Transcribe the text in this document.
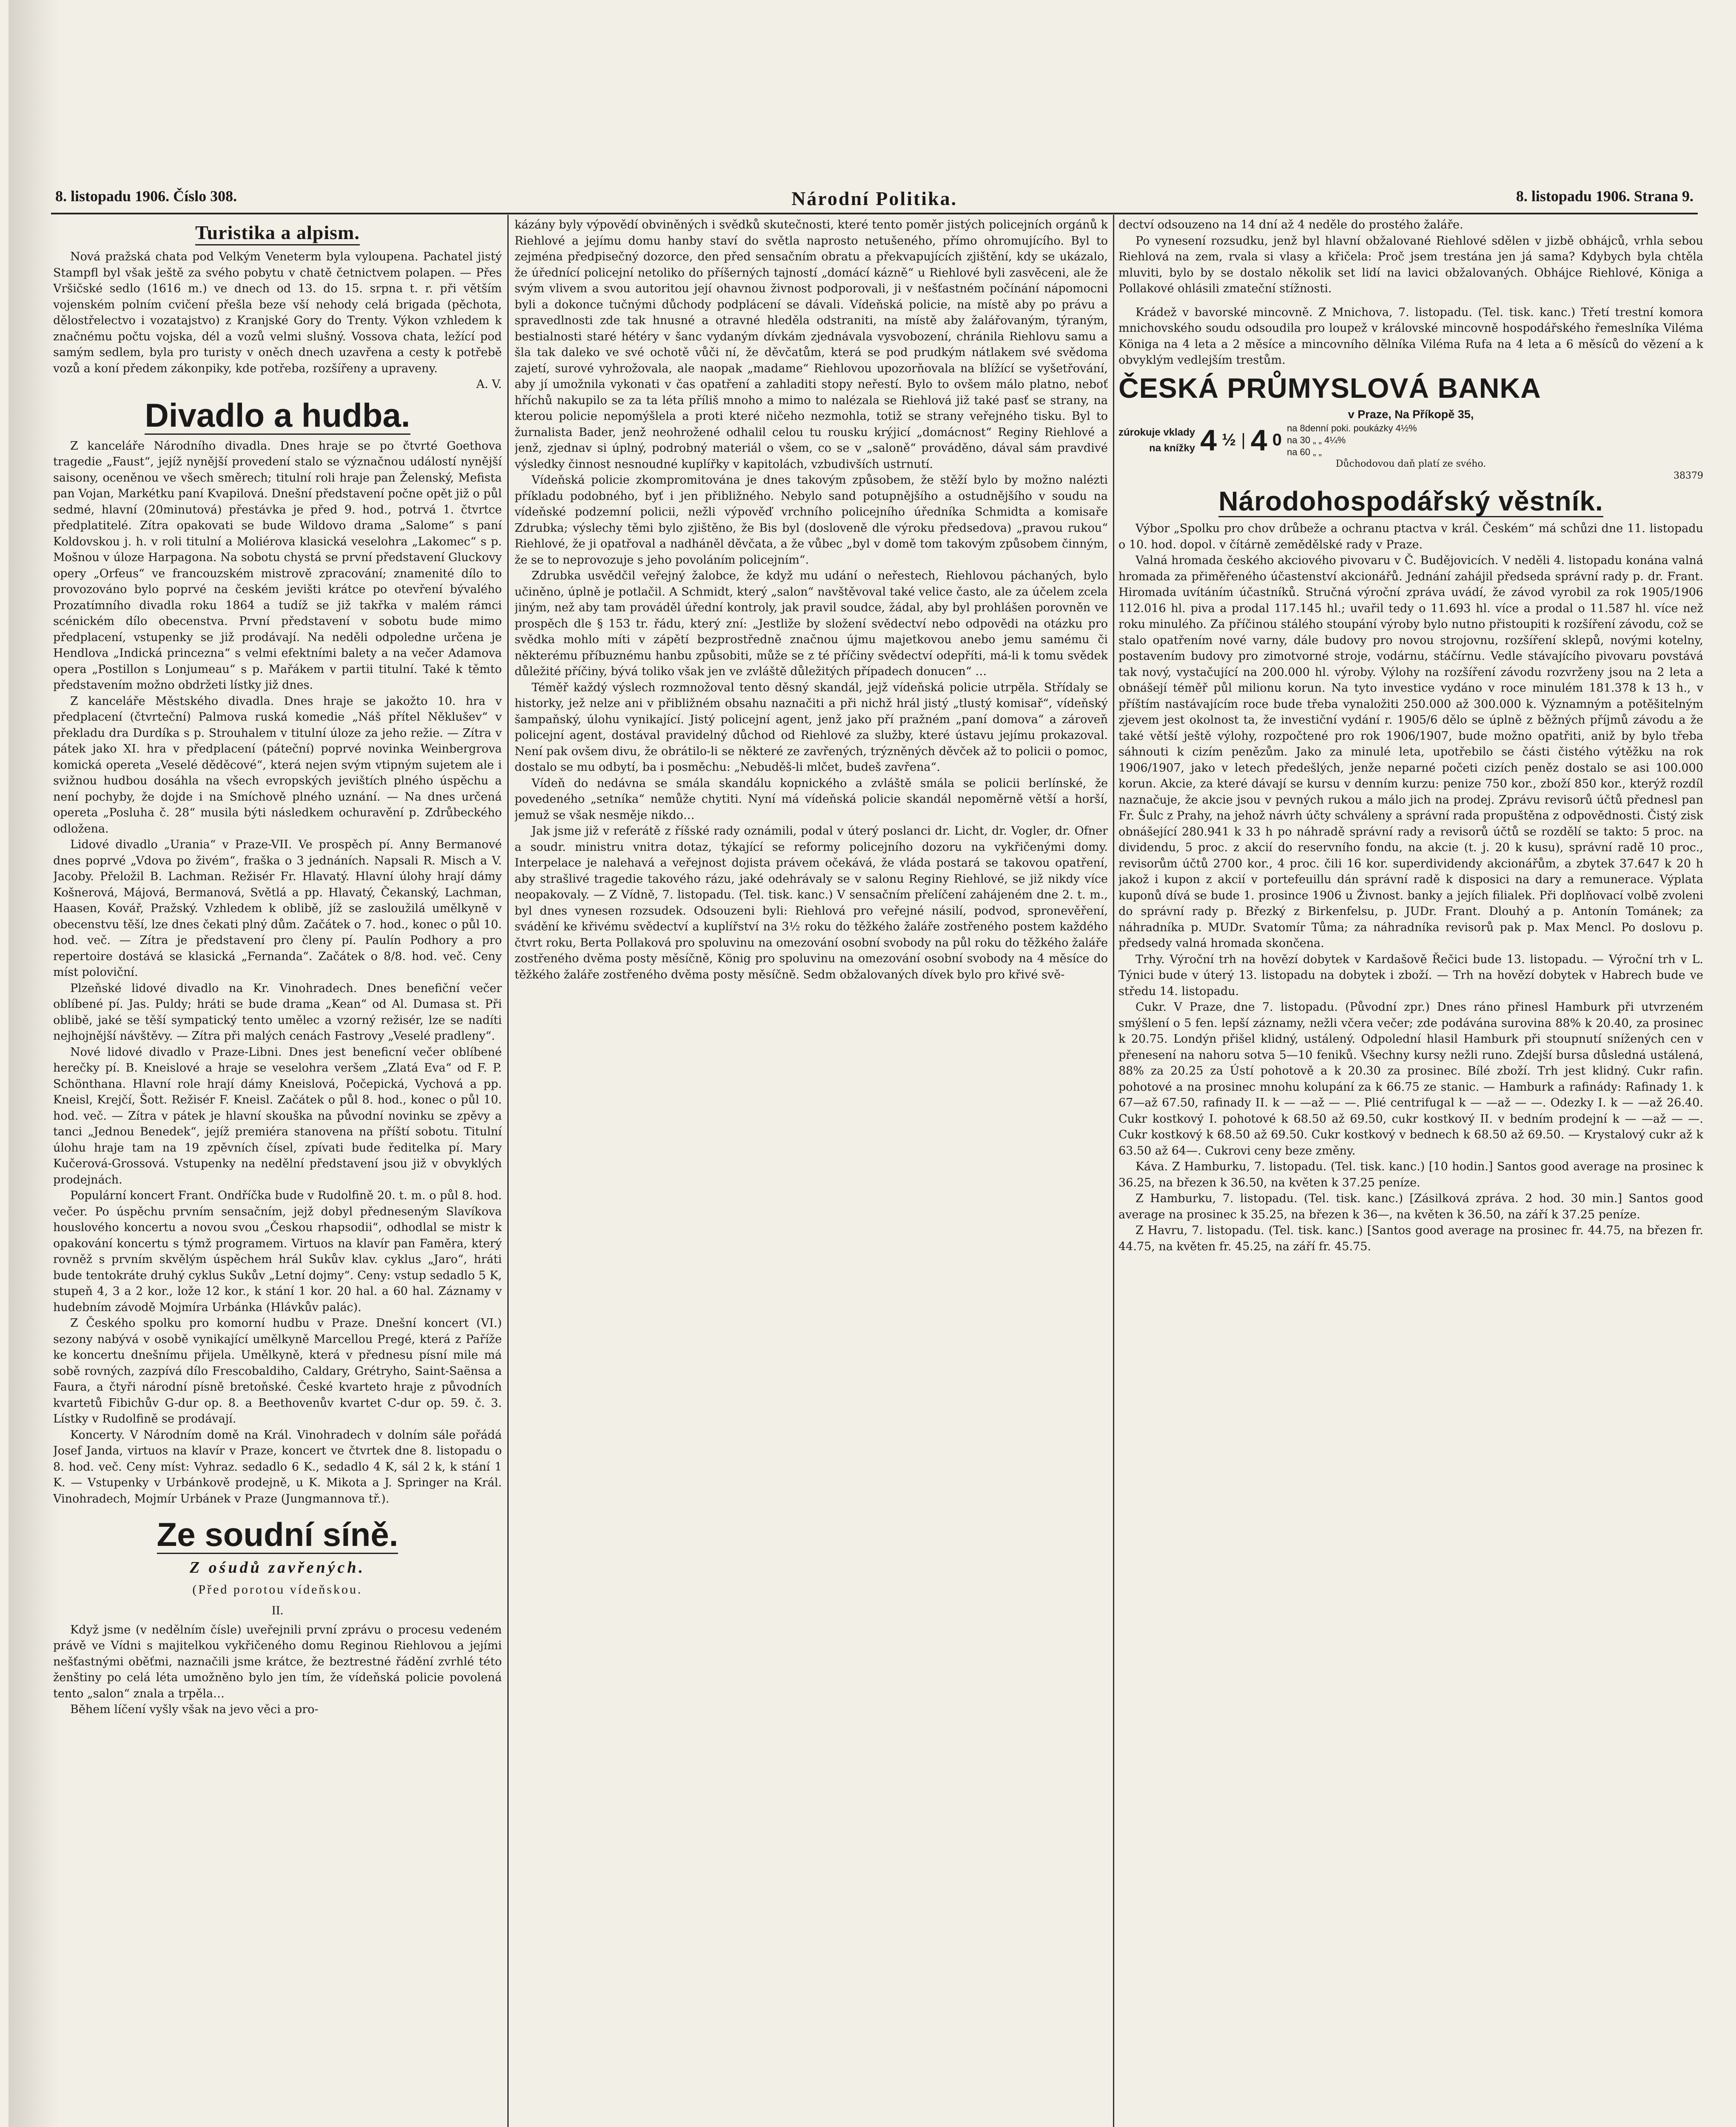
8. listopadu 1906. Číslo 308.	Národní Politika.	8. listopadu 1906. Strana 9.
Turistika a alpism.

Nová pražská chata pod Velkým Veneterm byla vyloupena. Pachatel jistý Stampfl byl však ještě za svého pobytu v chatě četnictvem polapen. — Přes Vršičské sedlo (1616 m.) ve dnech od 13. do 15. srpna t. r. při větším vojenském polním cvičení přešla beze vší nehody celá brigada (pěchota, dělostřelectvo i vozatajstvo) z Kranjské Gory do Trenty. Výkon vzhledem k značnému počtu vojska, dél a vozů velmi slušný. Vossova chata, ležící pod samým sedlem, byla pro turisty v oněch dnech uzavřena a cesty k potřebě vozů a koní předem zákonpiky, kde potřeba, rozšířeny a upraveny.

A. V.

Divadlo a hudba.

Z kanceláře Národního divadla. Dnes hraje se po čtvrté Goethova tragedie „Faust“, jejíž nynější provedení stalo se význačnou událostí nynější saisony, oceněnou ve všech směrech; titulní roli hraje pan Želenský, Mefista pan Vojan, Markétku paní Kvapilová. Dnešní představení počne opět již o půl sedmé, hlavní (20minutová) přestávka je před 9. hod., potrvá 1. čtvrtce předplatitelé. Zítra opakovati se bude Wildovo drama „Salome“ s paní Koldovskou j. h. v roli titulní a Moliérova klasická veselohra „Lakomec“ s p. Mošnou v úloze Harpagona. Na sobotu chystá se první představení Gluckovy opery „Orfeus“ ve francouzském mistrově zpracování; znamenité dílo to provozováno bylo poprvé na českém jevišti krátce po otevření bývalého Prozatímního divadla roku 1864 a tudíž se již takřka v malém rámci scénickém dílo obecenstva. První představení v sobotu bude mimo předplacení, vstupenky se již prodávají. Na neděli odpoledne určena je Hendlova „Indická princezna“ s velmi efektními balety a na večer Adamova opera „Postillon s Lonjumeau“ s p. Mařákem v partii titulní. Také k těmto představením možno obdržeti lístky již dnes.

Z kanceláře Městského divadla. Dnes hraje se jakožto 10. hra v předplacení (čtvrteční) Palmova ruská komedie „Náš přítel Něklušev“ v překladu dra Durdíka s p. Strouhalem v titulní úloze za jeho režie. — Zítra v pátek jako XI. hra v předplacení (páteční) poprvé novinka Weinbergrova komická opereta „Veselé děděcové“, která nejen svým vtipným sujetem ale i svižnou hudbou dosáhla na všech evropských jevištích plného úspěchu a není pochyby, že dojde i na Smíchově plného uznání. — Na dnes určená opereta „Posluha č. 28“ musila býti následkem ochuravění p. Zdrůbeckého odložena.

Lidové divadlo „Urania“ v Praze-VII. Ve prospěch pí. Anny Bermanové dnes poprvé „Vdova po živém“, fraška o 3 jednáních. Napsali R. Misch a V. Jacoby. Přeložil B. Lachman. Režisér Fr. Hlavatý. Hlavní úlohy hrají dámy Košnerová, Májová, Bermanová, Světlá a pp. Hlavatý, Čekanský, Lachman, Haasen, Kovář, Pražský. Vzhledem k oblibě, jíž se zasloužilá umělkyně v obecenstvu těší, lze dnes čekati plný dům. Začátek o 7. hod., konec o půl 10. hod. več. — Zítra je představení pro členy pí. Paulín Podhory a pro repertoire dostává se klasická „Fernanda“. Začátek o 8/8. hod. več. Ceny míst poloviční.

Plzeňské lidové divadlo na Kr. Vinohradech. Dnes benefiční večer oblíbené pí. Jas. Puldy; hráti se bude drama „Kean“ od Al. Dumasa st. Při oblibě, jaké se těší sympatický tento umělec a vzorný režisér, lze se nadíti nejhojnější návštěvy. — Zítra při malých cenách Fastrovy „Veselé pradleny“.

Nové lidové divadlo v Praze-Libni. Dnes jest beneficní večer oblíbené herečky pí. B. Kneislové a hraje se veselohra veršem „Zlatá Eva“ od F. P. Schönthana. Hlavní role hrají dámy Kneislová, Počepická, Vychová a pp. Kneisl, Krejčí, Šott. Režisér F. Kneisl. Začátek o půl 8. hod., konec o půl 10. hod. več. — Zítra v pátek je hlavní skouška na původní novinku se zpěvy a tanci „Jednou Benedek“, jejíž premiéra stanovena na příští sobotu. Titulní úlohu hraje tam na 19 zpěvních čísel, zpívati bude ředitelka pí. Mary Kučerová-Grossová. Vstupenky na nedělní představení jsou již v obvyklých prodejnách.

Populární koncert Frant. Ondříčka bude v Rudolfině 20. t. m. o půl 8. hod. večer. Po úspěchu prvním sensačním, jejž dobyl předneseným Slavíkova houslového koncertu a novou svou „Českou rhapsodii“, odhodlal se mistr k opakování koncertu s týmž programem. Virtuos na klavír pan Faměra, který rovněž s prvním skvělým úspěchem hrál Sukův klav. cyklus „Jaro“, hráti bude tentokráte druhý cyklus Sukův „Letní dojmy“. Ceny: vstup sedadlo 5 K, stupeň 4, 3 a 2 kor., lože 12 kor., k stání 1 kor. 20 hal. a 60 hal. Záznamy v hudebním závodě Mojmíra Urbánka (Hlávkův palác).

Z Českého spolku pro komorní hudbu v Praze. Dnešní koncert (VI.) sezony nabývá v osobě vynikající umělkyně Marcellou Pregé, která z Paříže ke koncertu dnešnímu přijela. Umělkyně, která v přednesu písní mile má sobě rovných, zazpívá dílo Frescobaldiho, Caldary, Grétryho, Saint-Saënsa a Faura, a čtyři národní písně bretoňské. České kvarteto hraje z původních kvartetů Fibichův G-dur op. 8. a Beethovenův kvartet C-dur op. 59. č. 3. Lístky v Rudolfině se prodávají.

Koncerty. V Národním domě na Král. Vinohradech v dolním sále pořádá Josef Janda, virtuos na klavír v Praze, koncert ve čtvrtek dne 8. listopadu o 8. hod. več. Ceny míst: Vyhraz. sedadlo 6 K., sedadlo 4 K, sál 2 k, k stání 1 K. — Vstupenky v Urbánkově prodejně, u K. Mikota a J. Springer na Král. Vinohradech, Mojmír Urbánek v Praze (Jungmannova tř.).

Ze soudní síně.
Z ośudů zavřených.
(Před porotou vídeňskou.
II.

Když jsme (v nedělním čísle) uveřejnili první zprávu o procesu vedeném právě ve Vídni s majitelkou vykřičeného domu Reginou Riehlovou a jejími nešťastnými oběťmi, naznačili jsme krátce, že beztrestné řádění zvrhlé této ženštiny po celá léta umožněno bylo jen tím, že vídeňská policie povolená tento „salon“ znala a trpěla…

Během líčení vyšly však na jevo věci a pro-

kázány byly výpovědí obviněných i svědků skutečnosti, které tento poměr jistých policejních orgánů k Riehlové a jejímu domu hanby staví do světla naprosto netušeného, přímo ohromujícího. Byl to zejména předpisečný dozorce, den před sensačním obratu a překvapujících zjištění, kdy se ukázalo, že úřednící policejní netoliko do příšerných tajností „domácí kázně“ u Riehlové byli zasvěceni, ale že svým vlivem a svou autoritou její ohavnou živnost podporovali, ji v nešťastném počínání nápomocni byli a dokonce tučnými důchody podplácení se dávali. Vídeňská policie, na místě aby po právu a spravedlnosti zde tak hnusné a otravné hleděla odstraniti, na místě aby žalářovaným, týraným, bestialnosti staré hétéry v šanc vydaným dívkám zjednávala vysvobození, chránila Riehlovu samu a šla tak daleko ve své ochotě vůči ní, že děvčatům, která se pod prudkým nátlakem své svědoma zajetí, surové vyhrožovala, ale naopak „madame“ Riehlovou upozorňovala na blížící se vyšetřování, aby jí umožnila vykonati v čas opatření a zahladiti stopy neřestí. Bylo to ovšem málo platno, neboť hříchů nakupilo se za ta léta příliš mnoho a mimo to nalézala se Riehlová již také pasť se strany, na kterou policie nepomýšlela a proti které ničeho nezmohla, totiž se strany veřejného tisku. Byl to žurnalista Bader, jenž neohrožené odhalil celou tu rousku krýjicí „domácnost“ Reginy Riehlové a jenž, zjednav si úplný, podrobný materiál o všem, co se v „saloně“ prováděno, dával sám pravdivé výsledky činnost nesnoudné kuplířky v kapitolách, vzbudivších ustrnutí.

Vídeňská policie zkompromitována je dnes takovým způsobem, že stěží bylo by možno nalézti příkladu podobného, byť i jen přibližného. Nebylo sand potupnějšího a ostudnějšího v soudu na vídeňské podzemní policii, nežli výpověď vrchního policejního úředníka Schmidta a komisaře Zdrubka; výslechy těmi bylo zjištěno, že Bis byl (dosloveně dle výroku předsedova) „pravou rukou“ Riehlové, že ji opatřoval a nadháněl děvčata, a že vůbec „byl v domě tom takovým způsobem činným, že se to neprovozuje s jeho povoláním policejním“.

Zdrubka usvědčil veřejný žalobce, že když mu udání o neřestech, Riehlovou páchaných, bylo učiněno, úplně je potlačil. A Schmidt, který „salon“ navštěvoval také velice často, ale za účelem zcela jiným, než aby tam prováděl úřední kontroly, jak pravil soudce, žádal, aby byl prohlášen porovněn ve prospěch dle § 153 tr. řádu, který zní: „Jestliže by složení svědectví nebo odpovědi na otázku pro svědka mohlo míti v zápětí bezprostředně značnou újmu majetkovou anebo jemu samému či některému příbuznému hanbu způsobiti, může se z té příčiny svědectví odepříti, má-li k tomu svědek důležité příčiny, bývá toliko však jen ve zvláště důležitých případech donucen“ …

Téměř každý výslech rozmnožoval tento děsný skandál, jejž vídeňská policie utrpěla. Střídaly se historky, jež nelze ani v přibližném obsahu naznačiti a při nichž hrál jistý „tlustý komisař“, vídeňský šampaňský, úlohu vynikající. Jistý policejní agent, jenž jako pří pražném „paní domova“ a zároveň policejní agent, dostával pravidelný důchod od Riehlové za služby, které ústavu jejímu prokazoval. Není pak ovšem divu, že obrátilo-li se některé ze zavřených, trýzněných děvček až to policii o pomoc, dostalo se mu odbytí, ba i posměchu: „Nebuděš-li mlčet, budeš zavřena“.

Vídeň do nedávna se smála skandálu kopnického a zvláště smála se policii berlínské, že povedeného „setníka“ nemůže chytiti. Nyní má vídeňská policie skandál nepoměrně větší a horší, jemuž se však nesměje nikdo…

Jak jsme již v referátě z říšské rady oznámili, podal v úterý poslanci dr. Licht, dr. Vogler, dr. Ofner a soudr. ministru vnitra dotaz, týkající se reformy policejního dozoru na vykřičenými domy. Interpelace je nalehavá a veřejnost dojista právem očekává, že vláda postará se takovou opatření, aby strašlivé tragedie takového rázu, jaké odehrávaly se v salonu Reginy Riehlové, se již nikdy více neopakovaly. — Z Vídně, 7. listopadu. (Tel. tisk. kanc.) V sensačním přelíčení zahájeném dne 2. t. m., byl dnes vynesen rozsudek. Odsouzeni byli: Riehlová pro veřejné násilí, podvod, spronevěření, svádění ke křivému svědectví a kuplířství na 3½ roku do těžkého žaláře zostřeného postem každého čtvrt roku, Berta Pollaková pro spoluvinu na omezování osobní svobody na půl roku do těžkého žaláře zostřeného dvěma posty měsíčně, König pro spoluvinu na omezování osobní svobody na 4 měsíce do těžkého žaláře zostřeného dvěma posty měsíčně. Sedm obžalovaných dívek bylo pro křivé svě-

dectví odsouzeno na 14 dní až 4 neděle do prostého žaláře.

Po vynesení rozsudku, jenž byl hlavní obžalované Riehlové sdělen v jizbě obhájců, vrhla sebou Riehlová na zem, rvala si vlasy a křičela: Proč jsem trestána jen já sama? Kdybych byla chtěla mluviti, bylo by se dostalo několik set lidí na lavici obžalovaných. Obhájce Riehlové, Königa a Pollakové ohlásili zmateční stížnosti.

Krádež v bavorské mincovně. Z Mnichova, 7. listopadu. (Tel. tisk. kanc.) Třetí trestní komora mnichovského soudu odsoudila pro loupež v královské mincovně hospodářského řemeslníka Viléma Königa na 4 leta a 2 měsíce a mincovního dělníka Viléma Rufa na 4 leta a 6 měsíců do vězení a k obvyklým vedlejším trestům.

ČESKÁ PRŮMYSLOVÁ BANKA
v Praze, Na Příkopě 35,
zúrokuje vklady
na knížky 4 ½ | 4 0
na 8denní poki. poukázky 4½%
na 30 „ „ 4¼%
na 60 „ „
Důchodovou daň platí ze svého.
38379
Národohospodářský věstník.

Výbor „Spolku pro chov drůbeže a ochranu ptactva v král. Českém“ má schůzi dne 11. listopadu o 10. hod. dopol. v čítárně zemědělské rady v Praze.

Valná hromada českého akciového pivovaru v Č. Budějovicích. V neděli 4. listopadu konána valná hromada za přiměřeného účastenství akcionářů. Jednání zahájil předseda správní rady p. dr. Frant. Hiromada uvítáním účastníků. Stručná výroční zpráva uvádí, že závod vyrobil za rok 1905/1906 112.016 hl. piva a prodal 117.145 hl.; uvařil tedy o 11.693 hl. více a prodal o 11.587 hl. více než roku minulého. Za příčinou stálého stoupání výroby bylo nutno přistoupiti k rozšíření závodu, což se stalo opatřením nové varny, dále budovy pro novou strojovnu, rozšíření sklepů, novými kotelny, postavením budovy pro zimotvorné stroje, vodárnu, stáčírnu. Vedle stávajícího pivovaru povstává tak nový, vystačující na 200.000 hl. výroby. Výlohy na rozšíření závodu rozvrženy jsou na 2 leta a obnášejí téměř půl milionu korun. Na tyto investice vydáno v roce minulém 181.378 k 13 h., v příštím nastávajícím roce bude třeba vynaložiti 250.000 až 300.000 k. Významným a potěšitelným zjevem jest okolnost ta, že investiční vydání r. 1905/6 dělo se úplně z běžných příjmů závodu a že také větší ještě výlohy, rozpočtené pro rok 1906/1907, bude možno opatřiti, aniž by bylo třeba sáhnouti k cizím penězům. Jako za minulé leta, upotřebilo se části čistého výtěžku na rok 1906/1907, jako v letech předešlých, jenže neparné početi cizích peněz dostalo se asi 100.000 korun. Akcie, za které dávají se kursu v denním kurzu: penize 750 kor., zboží 850 kor., kterýž rozdíl naznačuje, že akcie jsou v pevných rukou a málo jich na prodej. Zprávu revisorů účtů přednesl pan Fr. Šulc z Prahy, na jehož návrh účty schváleny a správní rada propuštěna z odpovědnosti. Čistý zisk obnášející 280.941 k 33 h po náhradě správní rady a revisorů účtů se rozdělí se takto: 5 proc. na dividendu, 5 proc. z akcií do reservního fondu, na akcie (t. j. 20 k kusu), správní radě 10 proc., revisorům účtů 2700 kor., 4 proc. čili 16 kor. superdividendy akcionářům, a zbytek 37.647 k 20 h jakož i kupon z akcií v portefeuillu dán správní radě k disposici na dary a remunerace. Výplata kuponů dívá se bude 1. prosince 1906 u Živnost. banky a jejích filialek. Při doplňovací volbě zvoleni do správní rady p. Březký z Birkenfelsu, p. JUDr. Frant. Dlouhý a p. Antonín Tománek; za náhradníka p. MUDr. Svatomír Tůma; za náhradníka revisorů pak p. Max Mencl. Po doslovu p. předsedy valná hromada skončena.

Trhy. Výroční trh na hovězí dobytek v Kardašově Řečici bude 13. listopadu. — Výroční trh v L. Týnici bude v úterý 13. listopadu na dobytek i zboží. — Trh na hovězí dobytek v Habrech bude ve středu 14. listopadu.

Cukr. V Praze, dne 7. listopadu. (Původní zpr.) Dnes ráno přinesl Hamburk při utvrzeném smýšlení o 5 fen. lepší záznamy, nežli včera večer; zde podávána surovina 88% k 20.40, za prosinec k 20.75. Londýn přišel klidný, ustálený. Odpolední hlasil Hamburk při stoupnutí snížených cen v přenesení na nahoru sotva 5—10 feniků. Všechny kursy nežli runo. Zdejší bursa důsledná ustálená, 88% za 20.25 za Ústí pohotově a k 20.30 za prosinec. Bílé zboží. Trh jest klidný. Cukr rafin. pohotové a na prosinec mnohu kolupání za k 66.75 ze stanic. — Hamburk a rafinády: Rafinady 1. k 67—až 67.50, rafinady II. k — —až — —. Plié centrifugal k — —až — —. Odezky I. k — —až 26.40. Cukr kostkový I. pohotové k 68.50 až 69.50, cukr kostkový II. v bedním prodejní k — —až — —. Cukr kostkový k 68.50 až 69.50. Cukr kostkový v bednech k 68.50 až 69.50. — Krystalový cukr až k 63.50 až 64—. Cukrovi ceny beze změny.

Káva. Z Hamburku, 7. listopadu. (Tel. tisk. kanc.) [10 hodin.] Santos good average na prosinec k 36.25, na březen k 36.50, na květen k 37.25 peníze.

Z Hamburku, 7. listopadu. (Tel. tisk. kanc.) [Zásilková zpráva. 2 hod. 30 min.] Santos good average na prosinec k 35.25, na březen k 36—, na květen k 36.50, na září k 37.25 peníze.

Z Havru, 7. listopadu. (Tel. tisk. kanc.) [Santos good average na prosinec fr. 44.75, na březen fr. 44.75, na květen fr. 45.25, na září fr. 45.75.
